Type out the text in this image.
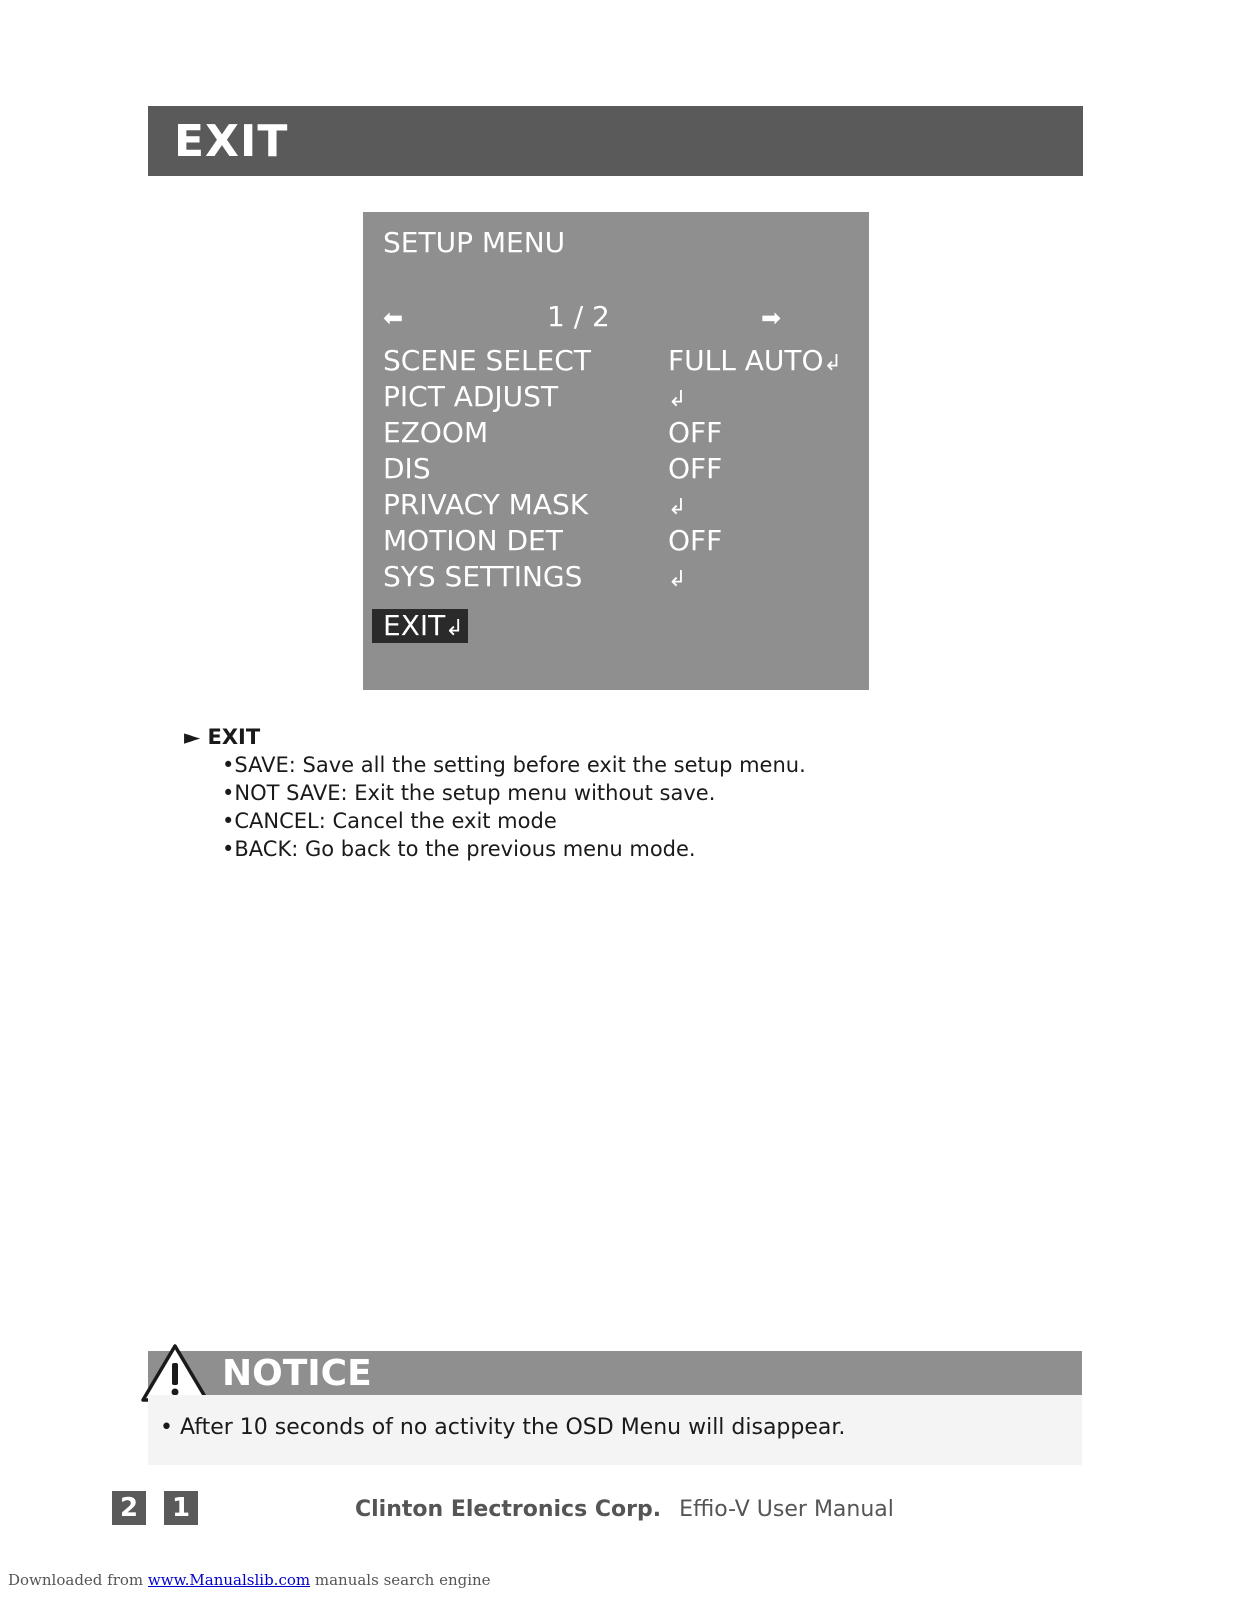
EXIT
SETUP MENU
⬅	1 / 2	➡
SCENE SELECT	FULL AUTO↲
PICT ADJUST	↲
EZOOM	OFF
DIS	OFF
PRIVACY MASK	↲
MOTION DET	OFF
SYS SETTINGS	↲
EXIT↲
► EXIT
•SAVE: Save all the setting before exit the setup menu.
•NOT SAVE: Exit the setup menu without save.
•CANCEL: Cancel the exit mode
•BACK: Go back to the previous menu mode.
NOTICE
• After 10 seconds of no activity the OSD Menu will disappear.
2	1	Clinton Electronics Corp. Effio-V User Manual
Downloaded from www.Manualslib.com manuals search engine
